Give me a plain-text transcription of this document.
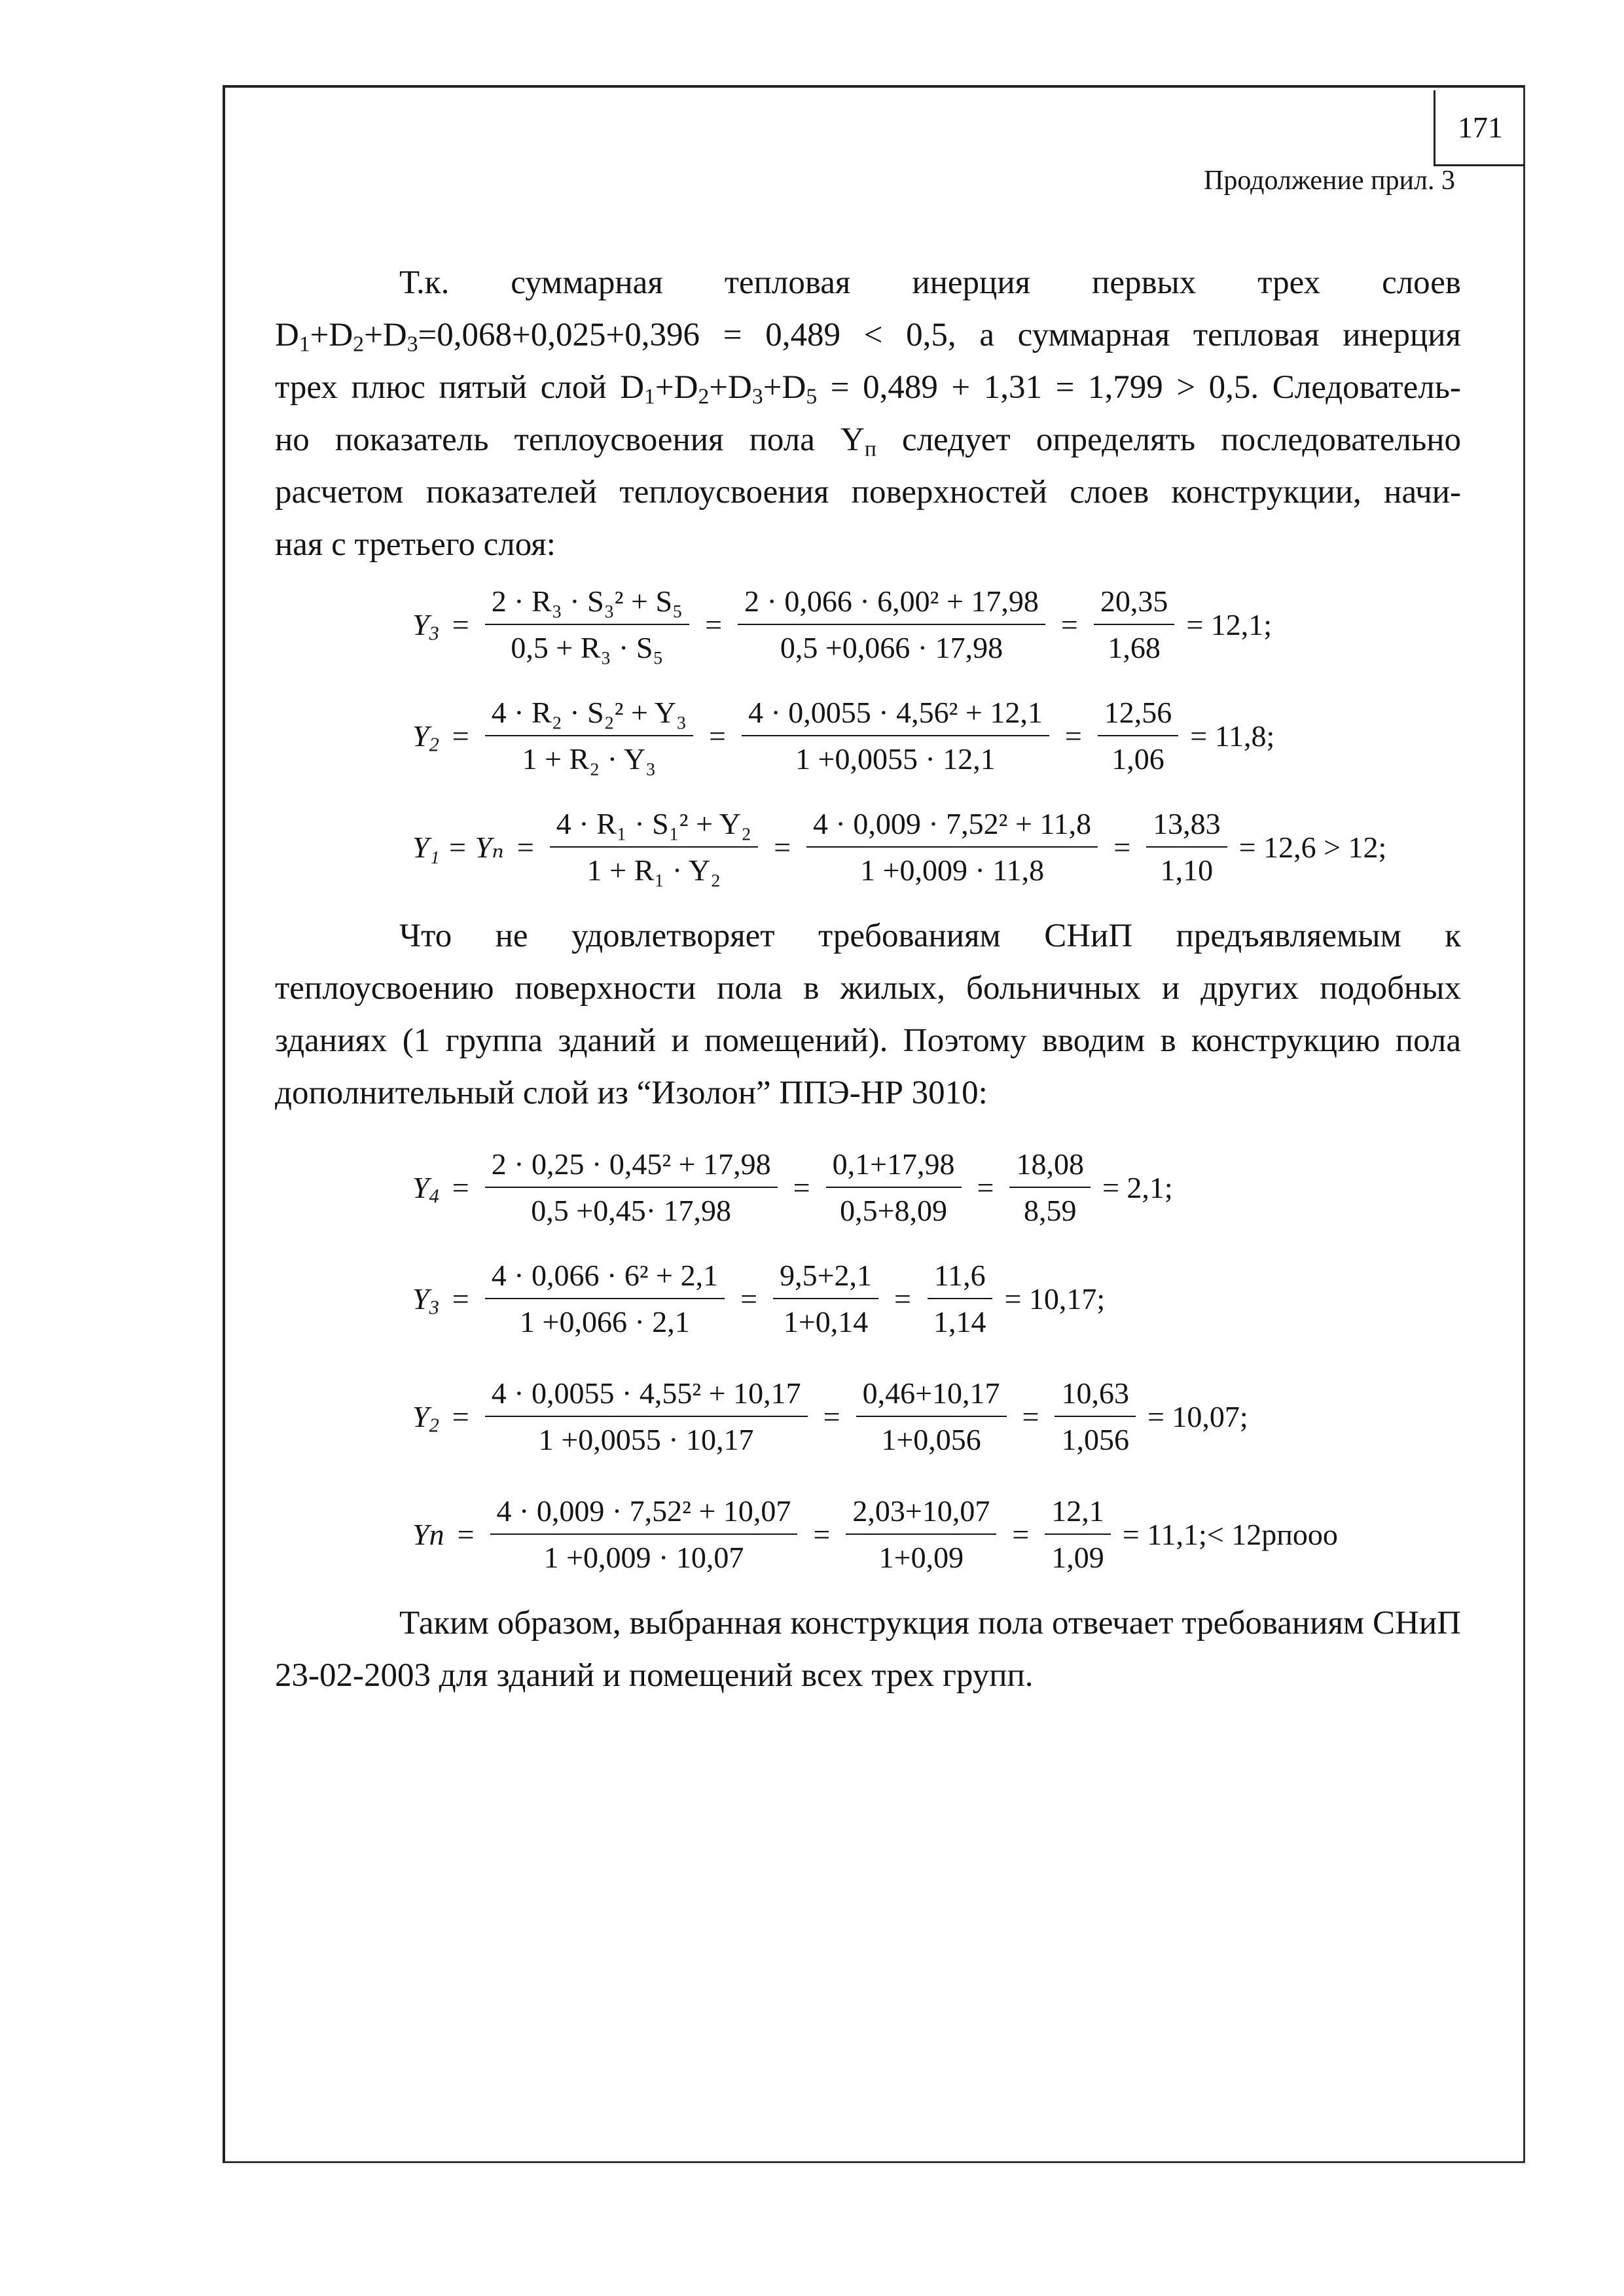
171
Продолжение прил. 3

Т.к. суммарная тепловая инерция первых трех слоев

$D_1+D_2+D_3=0,068+0,025+0,396 = 0,489 < 0,5$, а суммарная тепловая инерция

трех плюс пятый слой $D_1+D_2+D_3+D_5 = 0,489 + 1,31 = 1,799 > 0,5$. Следователь-

но показатель теплоусвоения пола $Y_п$ следует определять последовательно

расчетом показателей теплоусвоения поверхностей слоев конструкции, начи-

ная с третьего слоя:

$Y_3 = \frac{\text{2 · R₃ · S₃² + S₅}}{\text{0,5 + R₃ · S₅}} = \frac{\text{2 · 0,066 · 6,00² + 17,98}}{0,5 +0,066 \cdot 17,98} = \frac{20,35}{1,68} = 12,1$;
$Y_2 = \frac{\text{4 · R₂ · S₂² + Y₃}}{\text{1 + R₂ · Y₃}} = \frac{\text{4 · 0,0055 · 4,56² + 12,1}}{1 +0,0055 \cdot 12,1} = \frac{12,56}{1,06} = 11,8$;
$Y_1 = Y_n = \frac{\text{4 · R₁ · S₁² + Y₂}}{\text{1 + R₁ · Y₂}} = \frac{\text{4 · 0,009 · 7,52² + 11,8}}{1 +0,009 \cdot 11,8} = \frac{13,83}{1,10} = 12,6 > 12$;

Что не удовлетворяет требованиям СНиП предъявляемым к теплоусвоению поверхности пола в жилых, больничных и других подобных зданиях (1 группа зданий и помещений). Поэтому вводим в конструкцию пола дополнительный слой из “Изолон” ППЭ-НР 3010:

$Y_4 = \frac{\text{2 · 0,25 · 0,45² + 17,98}}{0,5 +0,45\cdot 17,98} = \frac{0,1+17,98}{0,5+8,09} = \frac{18,08}{8,59} = 2,1$;
$Y_3 = \frac{\text{4 · 0,066 · 6² + 2,1}}{1 +0,066 \cdot 2,1} = \frac{9,5+2,1}{1+0,14} = \frac{11,6}{1,14} = 10,17$;
$Y_2 = \frac{\text{4 · 0,0055 · 4,55² + 10,17}}{1 +0,0055 \cdot 10,17} = \frac{0,46+10,17}{1+0,056} = \frac{10,63}{1,056} = 10,07$;
$Yn = \frac{\text{4 · 0,009 · 7,52² + 10,07}}{1 +0,009 \cdot 10,07} = \frac{2,03+10,07}{1+0,09} = \frac{12,1}{1,09}$ = 11,1;< 12рпооо

Таким образом, выбранная конструкция пола отвечает требованиям СНиП 23-02-2003 для зданий и помещений всех трех групп.
